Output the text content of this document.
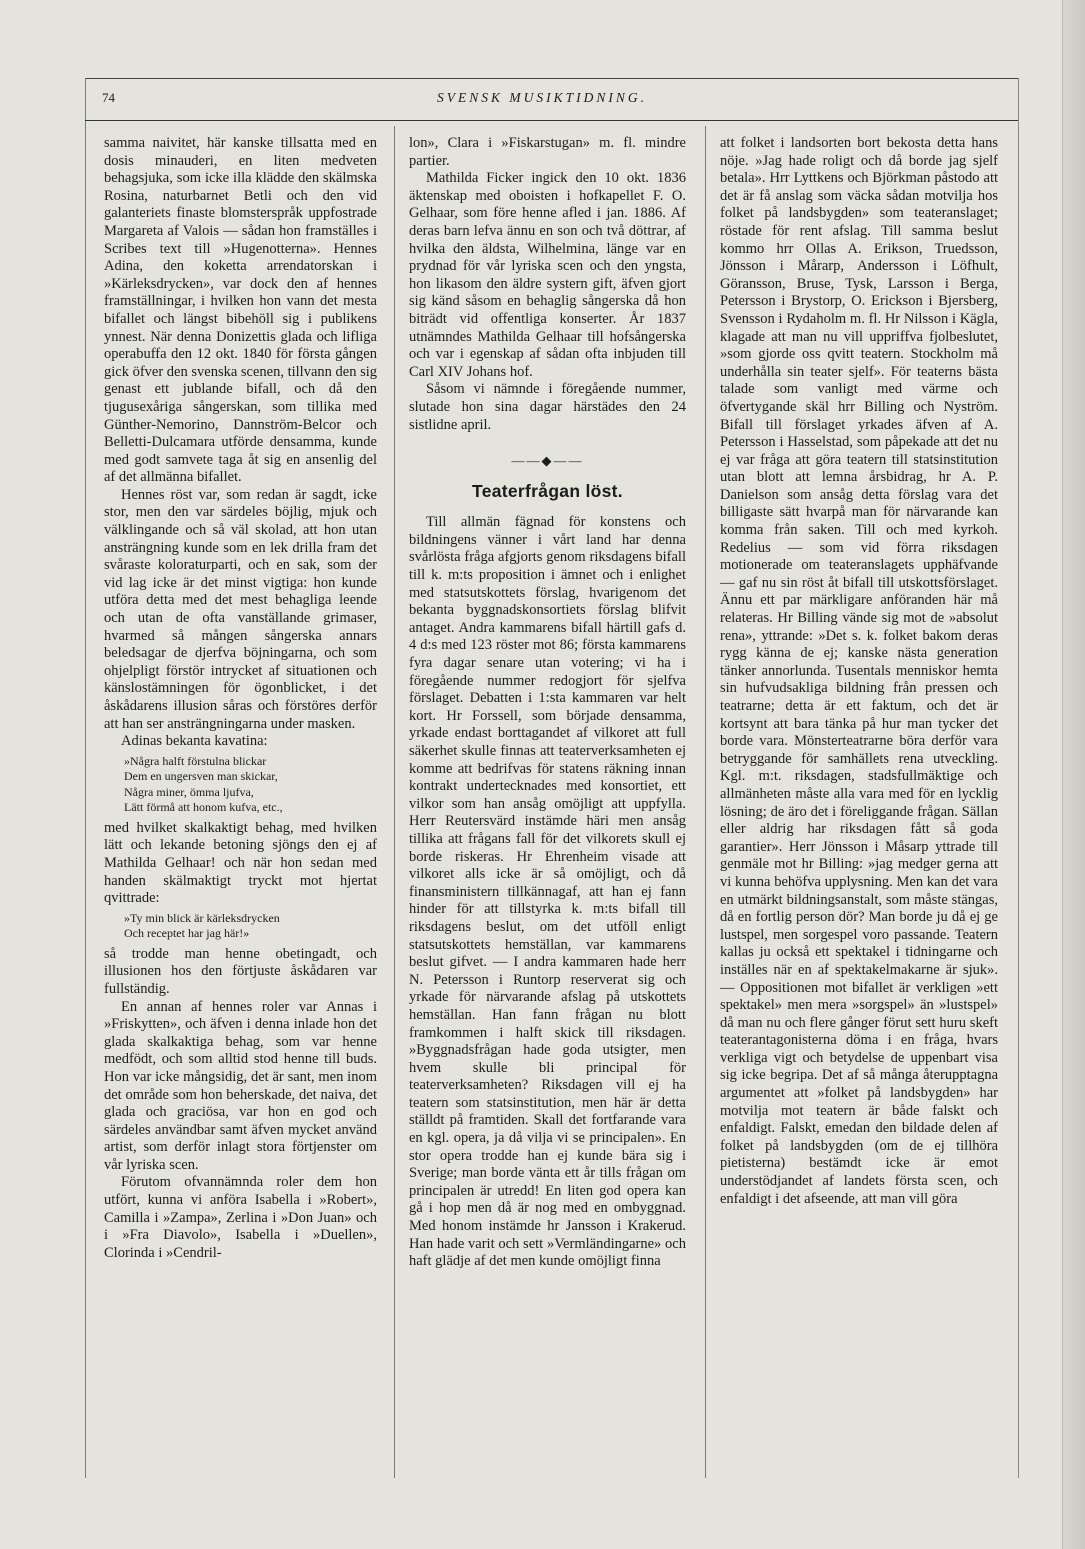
74	SVENSK MUSIKTIDNING.

samma naivitet, här kanske tillsatta med en dosis minauderi, en liten medveten behagsjuka, som icke illa klädde den skälmska Rosina, naturbarnet Betli och den vid galanteriets finaste blomsterspråk uppfostrade Margareta af Valois — sådan hon framställes i Scribes text till »Hugenotterna». Hennes Adina, den koketta arrendatorskan i »Kärleksdrycken», var dock den af hennes framställningar, i hvilken hon vann det mesta bifallet och längst bibehöll sig i publikens ynnest. När denna Donizettis glada och lifliga operabuffa den 12 okt. 1840 för första gången gick öfver den svenska scenen, tillvann den sig genast ett jublande bifall, och då den tjugusexåriga sångerskan, som tillika med Günther-Nemorino, Dannström-Belcor och Belletti-Dulcamara utförde densamma, kunde med godt samvete taga åt sig en ansenlig del af det allmänna bifallet.

Hennes röst var, som redan är sagdt, icke stor, men den var särdeles böjlig, mjuk och välklingande och så väl skolad, att hon utan ansträngning kunde som en lek drilla fram det svåraste koloraturparti, och en sak, som der vid lag icke är det minst vigtiga: hon kunde utföra detta med det mest behagliga leende och utan de ofta vanställande grimaser, hvarmed så mången sångerska annars beledsagar de djerfva böjningarna, och som ohjelpligt förstör intrycket af situationen och känslostämningen för ögonblicket, i det åskådarens illusion såras och förstöres derför att han ser ansträngningarna under masken.

Adinas bekanta kavatina:

»Några halft förstulna blickar
Dem en ungersven man skickar,
Några miner, ömma ljufva,
Lätt förmå att honom kufva, etc.,

med hvilket skalkaktigt behag, med hvilken lätt och lekande betoning sjöngs den ej af Mathilda Gelhaar! och när hon sedan med handen skälmaktigt tryckt mot hjertat qvittrade:

»Ty min blick är kärleksdrycken
Och receptet har jag här!»

så trodde man henne obetingadt, och illusionen hos den förtjuste åskådaren var fullständig.

En annan af hennes roler var Annas i »Friskytten», och äfven i denna inlade hon det glada skalkaktiga behag, som var henne medfödt, och som alltid stod henne till buds. Hon var icke mångsidig, det är sant, men inom det område som hon beherskade, det naiva, det glada och graciösa, var hon en god och särdeles användbar samt äfven mycket använd artist, som derför inlagt stora förtjenster om vår lyriska scen.

Förutom ofvannämnda roler dem hon utfört, kunna vi anföra Isabella i »Robert», Camilla i »Zampa», Zerlina i »Don Juan» och i »Fra Diavolo», Isabella i »Duellen», Clorinda i »Cendril-

lon», Clara i »Fiskarstugan» m. fl. mindre partier.

Mathilda Ficker ingick den 10 okt. 1836 äktenskap med oboisten i hofkapellet F. O. Gelhaar, som före henne afled i jan. 1886. Af deras barn lefva ännu en son och två döttrar, af hvilka den äldsta, Wilhelmina, länge var en prydnad för vår lyriska scen och den yngsta, hon likasom den äldre systern gift, äfven gjort sig känd såsom en behaglig sångerska då hon biträdt vid offentliga konserter. År 1837 utnämndes Mathilda Gelhaar till hofsångerska och var i egenskap af sådan ofta inbjuden till Carl XIV Johans hof.

Såsom vi nämnde i föregående nummer, slutade hon sina dagar härstädes den 24 sistlidne april.

——◆——
Teaterfrågan löst.

Till allmän fägnad för konstens och bildningens vänner i vårt land har denna svårlösta fråga afgjorts genom riksdagens bifall till k. m:ts proposition i ämnet och i enlighet med statsutskottets förslag, hvarigenom det bekanta byggnadskonsortiets förslag blifvit antaget. Andra kammarens bifall härtill gafs d. 4 d:s med 123 röster mot 86; första kammarens fyra dagar senare utan votering; vi ha i föregående nummer redogjort för sjelfva förslaget. Debatten i 1:sta kammaren var helt kort. Hr Forssell, som började densamma, yrkade endast borttagandet af vilkoret att full säkerhet skulle finnas att teaterverksamheten ej komme att bedrifvas för statens räkning innan kontrakt undertecknades med konsortiet, ett vilkor som han ansåg omöjligt att uppfylla. Herr Reutersvärd instämde häri men ansåg tillika att frågans fall för det vilkorets skull ej borde riskeras. Hr Ehrenheim visade att vilkoret alls icke är så omöjligt, och då finansministern tillkännagaf, att han ej fann hinder för att tillstyrka k. m:ts bifall till riksdagens beslut, om det utföll enligt statsutskottets hemställan, var kammarens beslut gifvet. — I andra kammaren hade herr N. Petersson i Runtorp reserverat sig och yrkade för närvarande afslag på utskottets hemställan. Han fann frågan nu blott framkommen i halft skick till riksdagen. »Byggnadsfrågan hade goda utsigter, men hvem skulle bli principal för teaterverksamheten? Riksdagen vill ej ha teatern som statsinstitution, men här är detta ställdt på framtiden. Skall det fortfarande vara en kgl. opera, ja då vilja vi se principalen». En stor opera trodde han ej kunde bära sig i Sverige; man borde vänta ett år tills frågan om principalen är utredd! En liten god opera kan gå i hop men då är nog med en ombyggnad. Med honom instämde hr Jansson i Krakerud. Han hade varit och sett »Vermländingarne» och haft glädje af det men kunde omöjligt finna

att folket i landsorten bort bekosta detta hans nöje. »Jag hade roligt och då borde jag sjelf betala». Hrr Lyttkens och Björkman påstodo att det är få anslag som väcka sådan motvilja hos folket på landsbygden» som teateranslaget; röstade för rent afslag. Till samma beslut kommo hrr Ollas A. Erikson, Truedsson, Jönsson i Mårarp, Andersson i Löfhult, Göransson, Bruse, Tysk, Larsson i Berga, Petersson i Brystorp, O. Erickson i Bjersberg, Svensson i Rydaholm m. fl. Hr Nilsson i Kägla, klagade att man nu vill uppriffva fjolbeslutet, »som gjorde oss qvitt teatern. Stockholm må underhålla sin teater sjelf». För teaterns bästa talade som vanligt med värme och öfvertygande skäl hrr Billing och Nyström. Bifall till förslaget yrkades äfven af A. Petersson i Hasselstad, som påpekade att det nu ej var fråga att göra teatern till statsinstitution utan blott att lemna årsbidrag, hr A. P. Danielson som ansåg detta förslag vara det billigaste sätt hvarpå man för närvarande kan komma från saken. Till och med kyrkoh. Redelius — som vid förra riksdagen motionerade om teateranslagets upphäfvande — gaf nu sin röst åt bifall till utskottsförslaget. Ännu ett par märkligare anföranden här må relateras. Hr Billing vände sig mot de »absolut rena», yttrande: »Det s. k. folket bakom deras rygg känna de ej; kanske nästa generation tänker annorlunda. Tusentals menniskor hemta sin hufvudsakliga bildning från pressen och teatrarne; detta är ett faktum, och det är kortsynt att bara tänka på hur man tycker det borde vara. Mönsterteatrarne böra derför vara betryggande för samhällets rena utveckling. Kgl. m:t. riksdagen, stadsfullmäktige och allmänheten måste alla vara med för en lycklig lösning; de äro det i föreliggande frågan. Sällan eller aldrig har riksdagen fått så goda garantier». Herr Jönsson i Måsarp yttrade till genmäle mot hr Billing: »jag medger gerna att vi kunna behöfva upplysning. Men kan det vara en utmärkt bildningsanstalt, som måste stängas, då en fortlig person dör? Man borde ju då ej ge lustspel, men sorgespel voro passande. Teatern kallas ju också ett spektakel i tidningarne och inställes när en af spektakelmakarne är sjuk». — Oppositionen mot bifallet är verkligen »ett spektakel» men mera »sorgspel» än »lustspel» då man nu och flere gånger förut sett huru skeft teaterantagonisterna döma i en fråga, hvars verkliga vigt och betydelse de uppenbart visa sig icke begripa. Det af så många återupptagna argumentet att »folket på landsbygden» har motvilja mot teatern är både falskt och enfaldigt. Falskt, emedan den bildade delen af folket på landsbygden (om de ej tillhöra pietisterna) bestämdt icke är emot understödjandet af landets första scen, och enfaldigt i det afseende, att man vill göra
